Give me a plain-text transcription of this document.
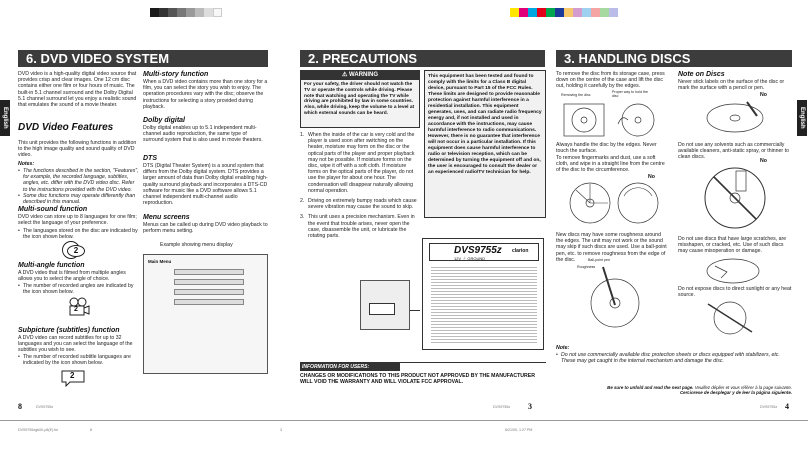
6. DVD VIDEO SYSTEM
English
DVD video is a high-quality digital video source that provides crisp and clear images. One 12 cm disc contains either one film or four hours of music. The built-in 5.1 channel surround and the Dolby Digital 5.1 channel surround let you enjoy a realistic sound that emulates the sound of a movie theater.
DVD Video Features
This unit provides the following functions in addition to the high image quality and sound quality of DVD video.
Notes:
• The functions described in the section, "Features", for example, the recorded language, subtitles, angles, etc. differ with the DVD video disc. Refer to the instructions provided with the DVD video.
• Some disc functions may operate differently than described in this manual.
Multi-sound function
DVD video can store up to 8 languages for one film; select the language of your preference.
• The languages stored on the disc are indicated by the icon shown below.
2
Multi-angle function
A DVD video that is filmed from multiple angles allows you to select the angle of choice.
• The number of recorded angles are indicated by the icon shown below.
2
Subpicture (subtitles) function
A DVD video can record subtitles for up to 32 languages and you can select the language of the subtitles you wish to see.
• The number of recorded subtitle languages are indicated by the icon shown below.
2
Multi-story function
When a DVD video contains more than one story for a film, you can select the story you wish to enjoy. The operation procedures vary with the disc; observe the instructions for selecting a story provided during playback.
Dolby digital
Dolby digital enables up to 5.1 independent multi-channel audio reproduction, the same type of surround system that is also used in movie theaters.
DTS
DTS (Digital Theater System) is a sound system that differs from the Dolby digital system. DTS provides a larger amount of data than Dolby digital enabling high-quality surround playback and incorporates a DTS-CD software for music like a DVD software allows 5.1 channel independent multi-channel audio reproduction.
Menu screens
Menus can be called up during DVD video playback to perform menu setting.
Example showing menu display
Main Menu
8	DVS9755z
DVS9755zgb00-p8(E).fm	8
2. PRECAUTIONS
⚠ WARNING
For your safety, the driver should not watch the TV or operate the controls while driving. Please note that watching and operating the TV while driving are prohibited by law in some countries. Also, while driving, keep the volume to a level at which external sounds can be heard.
1. When the inside of the car is very cold and the player is used soon after switching on the heater, moisture may form on the disc or the optical parts of the player and proper playback may not be possible. If moisture forms on the disc, wipe it off with a soft cloth. If moisture forms on the optical parts of the player, do not use the player for about one hour. The condensation will disappear naturally allowing normal operation.
2. Driving on extremely bumpy roads which cause severe vibration may cause the sound to skip.
3. This unit uses a precision mechanism. Even in the event that trouble arises, never open the case, disassemble the unit, or lubricate the rotating parts.
This equipment has been tested and found to comply with the limits for a Class B digital device, pursuant to Part 15 of the FCC Rules. These limits are designed to provide reasonable protection against harmful interference in a residential installation. This equipment generates, uses, and can radiate radio frequency energy and, if not installed and used in accordance with the instructions, may cause harmful interference to radio communications. However, there is no guarantee that interference will not occur in a particular installation. If this equipment does cause harmful interference to radio or television reception, which can be determined by turning the equipment off and on, the user is encouraged to consult the dealer or an experienced radio/TV technician for help.
DVS9755z clarion
12V ⏚ GROUND
INFORMATION FOR USERS:
CHANGES OR MODIFICATIONS TO THIS PRODUCT NOT APPROVED BY THE MANUFACTURER WILL VOID THE WARRANTY AND WILL VIOLATE FCC APPROVAL.
DVS9755z 3
3	6/21/00, 1:27 PM
3. HANDLING DISCS
English
To remove the disc from its storage case, press down on the centre of the case and lift the disc out, holding it carefully by the edges.
Removing the disc
Proper way to hold the disc
Always handle the disc by the edges. Never touch the surface.
To remove fingermarks and dust, use a soft cloth, and wipe in a straight line from the centre of the disc to the circumference.
No
New discs may have some roughness around the edges. The unit may not work or the sound may skip if such discs are used. Use a ball-point pen, etc. to remove roughness from the edge of the disc.	Ball-point pen
Roughness
Note on Discs
Never stick labels on the surface of the disc or mark the surface with a pencil or pen.
No
Do not use any solvents such as commercially available cleaners, anti-static spray, or thinner to clean discs.
No
Do not use discs that have large scratches, are misshapen, or cracked, etc. Use of such discs may cause misoperation or damage.
Do not expose discs to direct sunlight or any heat source.
Note:
• Do not use commercially available disc protection sheets or discs equipped with stabilizers, etc. These may get caught in the internal mechanism and damage the disc.
Be sure to unfold and read the next page. Veuillez déplier et vous référer à la page suivante.
Cerciorese de desplegar y de leer la página siguiente.
DVS9755z 4
